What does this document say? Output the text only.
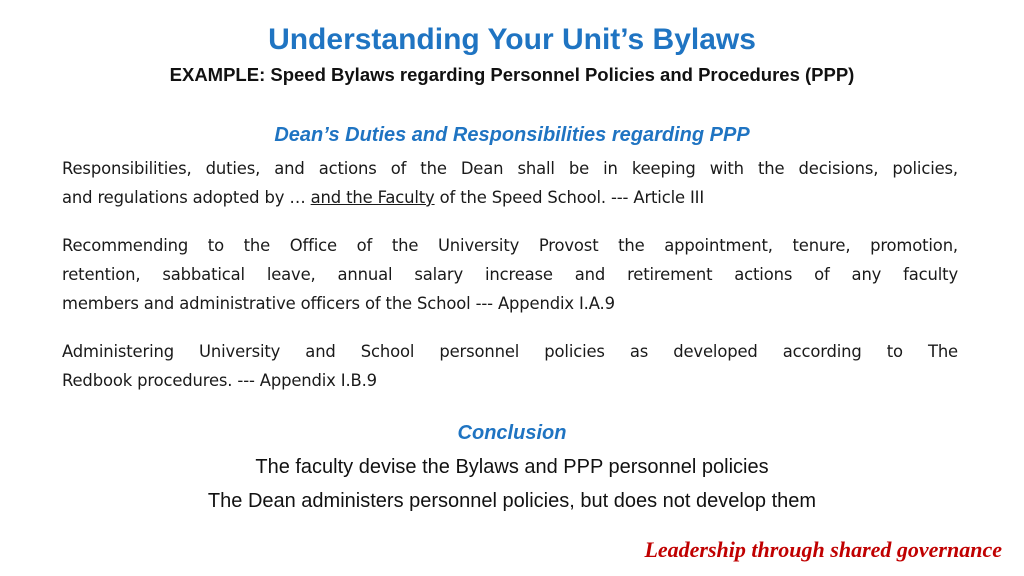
Understanding Your Unit’s Bylaws
EXAMPLE: Speed Bylaws regarding Personnel Policies and Procedures (PPP)
Dean’s Duties and Responsibilities regarding PPP
Responsibilities, duties, and actions of the Dean shall be in keeping with the decisions, policies,
and regulations adopted by … and the Faculty of the Speed School. --- Article III
Recommending to the Office of the University Provost the appointment, tenure, promotion,
retention, sabbatical leave, annual salary increase and retirement actions of any faculty
members and administrative officers of the School --- Appendix I.A.9
Administering University and School personnel policies as developed according to The
Redbook procedures. --- Appendix I.B.9
Conclusion
The faculty devise the Bylaws and PPP personnel policies
The Dean administers personnel policies, but does not develop them
Leadership through shared governance
